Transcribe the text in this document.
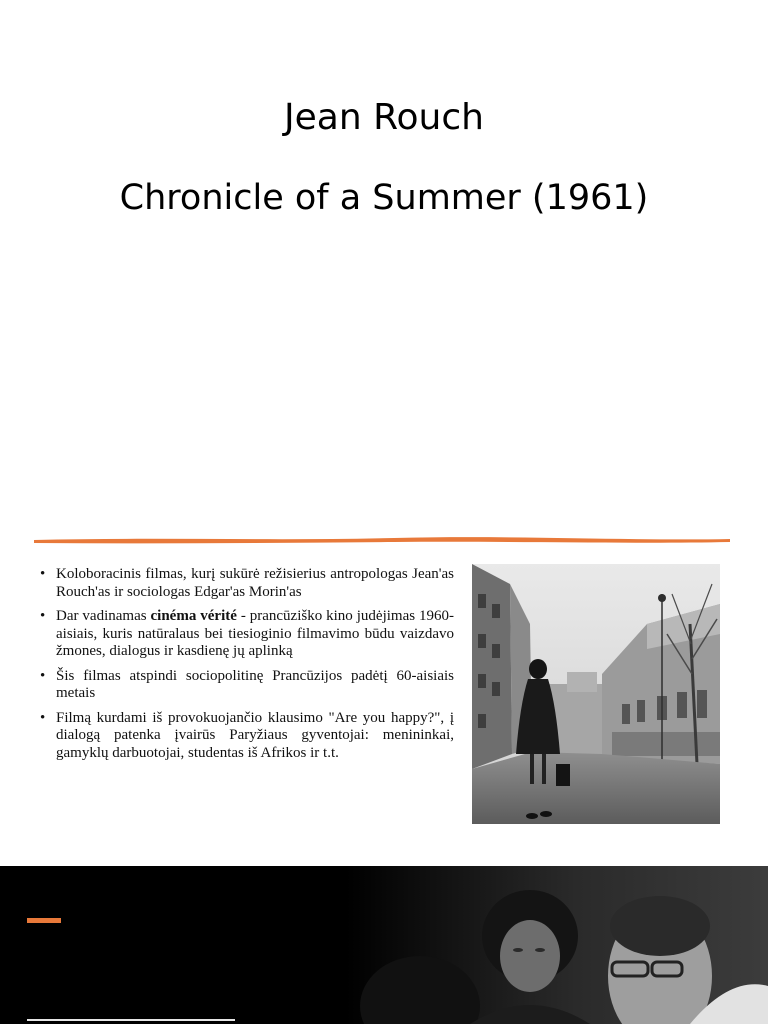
Jean Rouch
Chronicle of a Summer (1961)
• Koloboracinis filmas, kurį sukūrė režisierius antropologas Jean'as Rouch'as ir sociologas Edgar'as Morin'as
• Dar vadinamas cinéma vérité - prancūziško kino judėjimas 1960-aisiais, kuris natūralaus bei tiesioginio filmavimo būdu vaizdavo žmones, dialogus ir kasdienę jų aplinką
• Šis filmas atspindi sociopolitinę Prancūzijos padėtį 60-aisiais metais
• Filmą kurdami iš provokuojančio klausimo "Are you happy?", į dialogą patenka įvairūs Paryžiaus gyventojai: menininkai, gamyklų darbuotojai, studentas iš Afrikos ir t.t.
